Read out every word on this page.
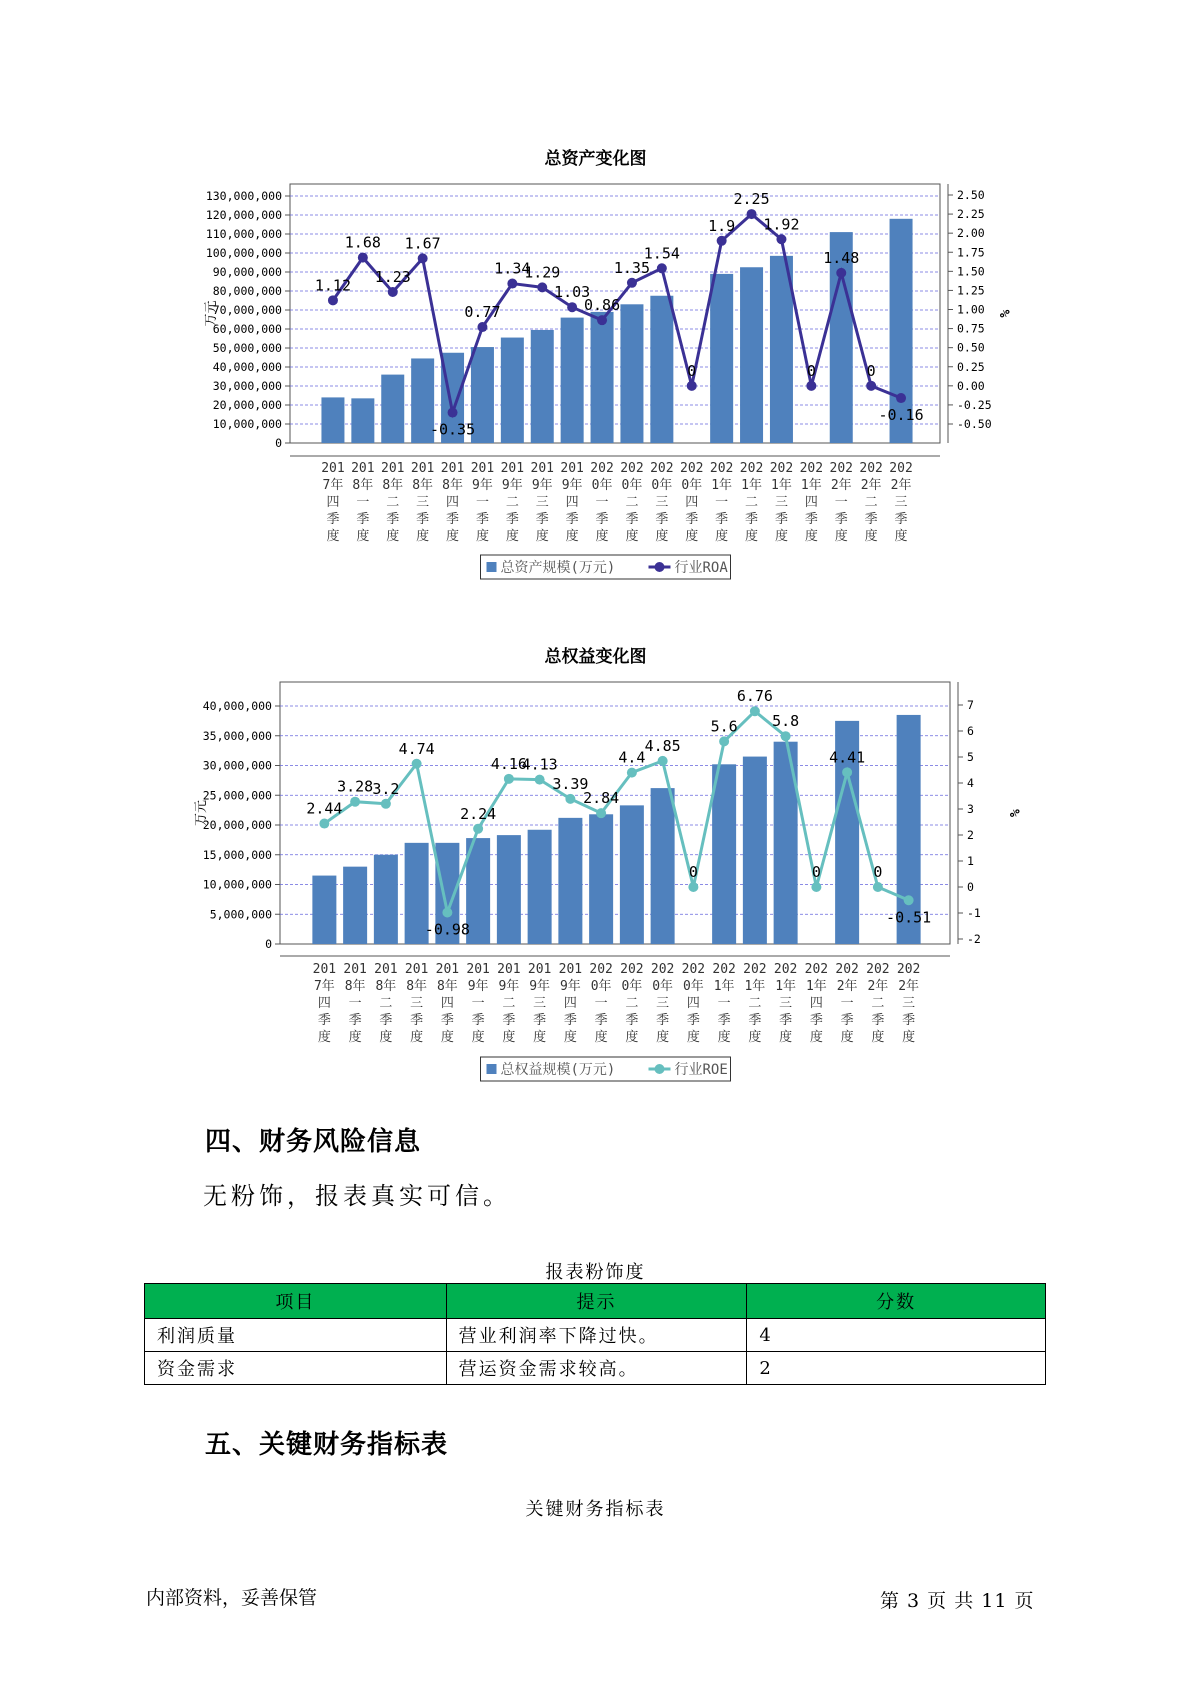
总资产变化图
130,000,000
120,000,000
110,000,000
100,000,000
90,000,000
80,000,000
70,000,000
60,000,000
50,000,000
40,000,000
30,000,000
20,000,000
10,000,000
0
2.50
2.25
2.00
1.75
1.50
1.25
1.00
0.75
0.50
0.25
0.00
-0.25
-0.50
万元	%
1.12
1.68
1.23
1.67
-0.35
0.77
1.34
1.29
1.03
0.86
1.35
1.54
0
1.9
2.25
1.92
0
1.48
0
-0.16
201
7年
四
季
度
201
8年
一
季
度
201
8年
二
季
度
201
8年
三
季
度
201
8年
四
季
度
201
9年
一
季
度
201
9年
二
季
度
201
9年
三
季
度
201
9年
四
季
度
202
0年
一
季
度
202
0年
二
季
度
202
0年
三
季
度
202
0年
四
季
度
202
1年
一
季
度
202
1年
二
季
度
202
1年
三
季
度
202
1年
四
季
度
202
2年
一
季
度
202
2年
二
季
度
202
2年
三
季
度
总资产规模(万元)	行业ROA
总权益变化图
40,000,000
35,000,000
30,000,000
25,000,000
20,000,000
15,000,000
10,000,000
5,000,000
0
7
6
5
4
3
2
1
0
-1
-2
万元	%
2.44
3.28 3.2
4.74
-0.98
2.24
4.16
4.13
3.39
2.84
4.4
4.85
0
5.6
6.76
5.8
0
4.41
0
-0.51
201
7年
四
季
度
201
8年
一
季
度
201
8年
二
季
度
201
8年
三
季
度
201
8年
四
季
度
201
9年
一
季
度
201
9年
二
季
度
201
9年
三
季
度
201
9年
四
季
度
202
0年
一
季
度
202
0年
二
季
度
202
0年
三
季
度
202
0年
四
季
度
202
1年
一
季
度
202
1年
二
季
度
202
1年
三
季
度
202
1年
四
季
度
202
2年
一
季
度
202
2年
二
季
度
202
2年
三
季
度
总权益规模(万元)	行业ROE
四、财务风险信息
无粉饰，报表真实可信。
报表粉饰度
项目	提示	分数
利润质量	营业利润率下降过快。	4
资金需求	营运资金需求较高。	2
五、关键财务指标表
关键财务指标表
内部资料，妥善保管	第 3 页 共 11 页
